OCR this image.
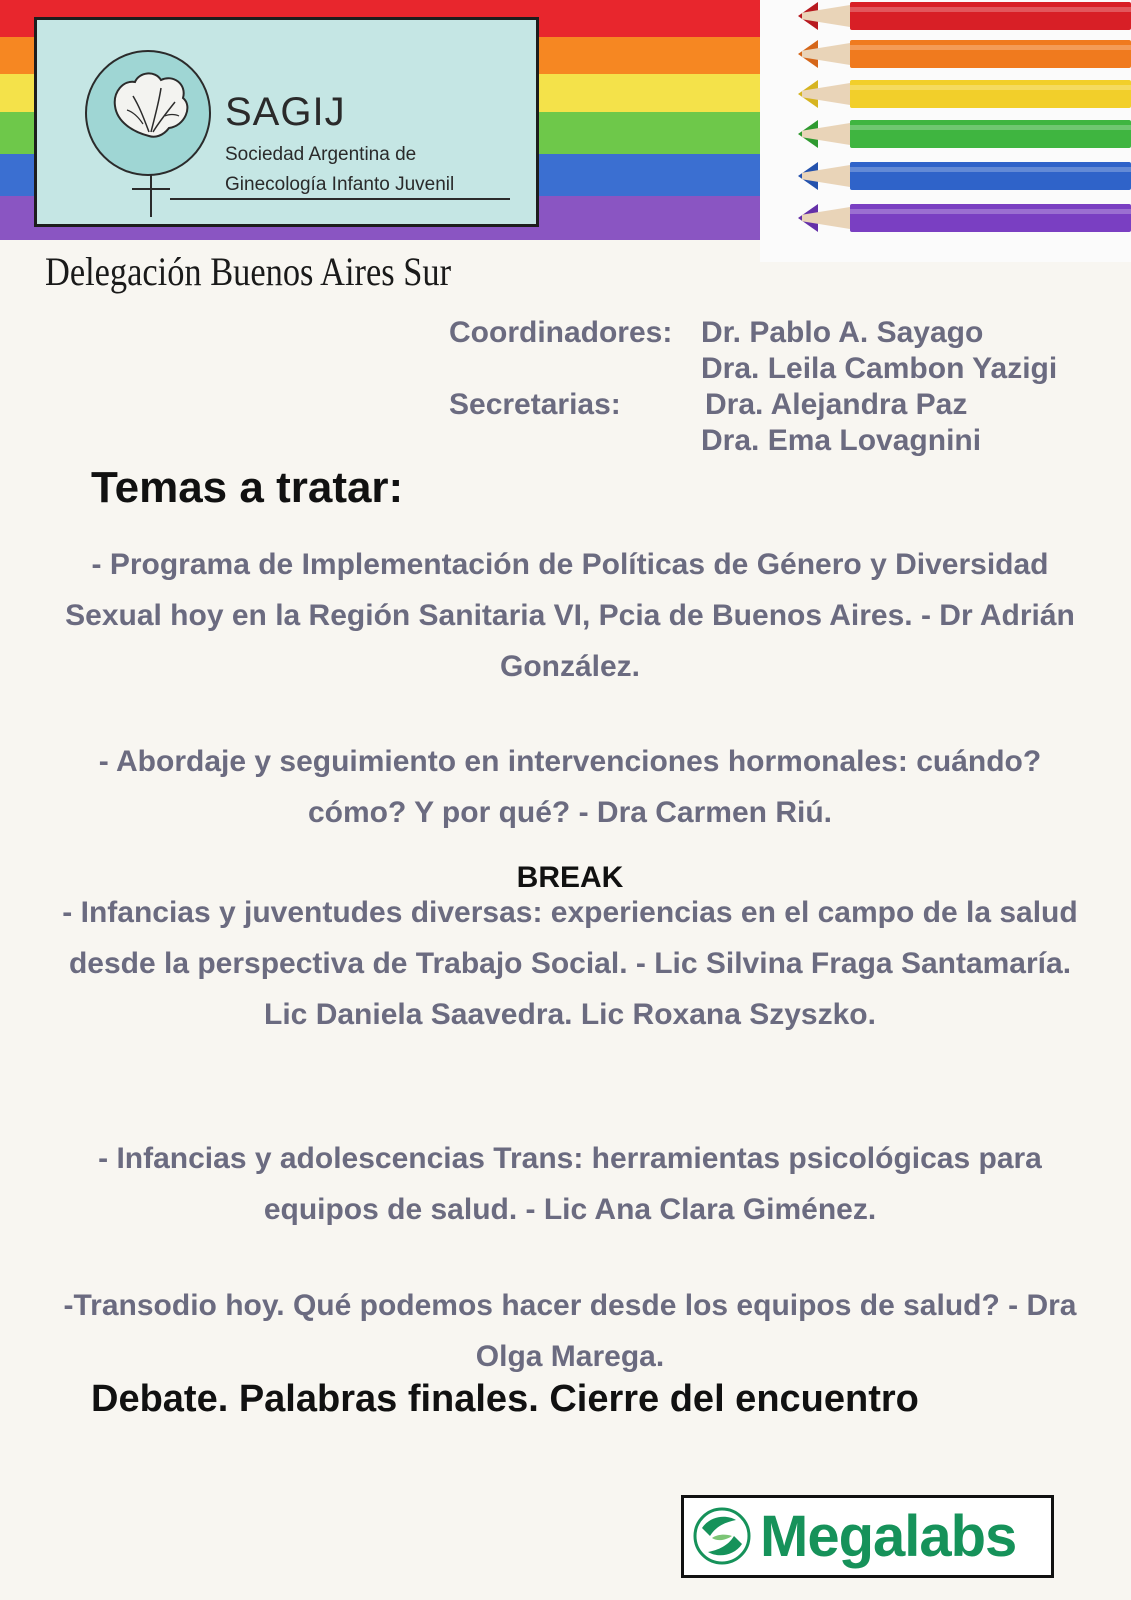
SAGIJ
Sociedad Argentina de
Ginecología Infanto Juvenil
Delegación Buenos Aires Sur
Coordinadores: Dr. Pablo A. Sayago
Dra. Leila Cambon Yazigi
Secretarias:	Dra. Alejandra Paz
Dra. Ema Lovagnini
Temas a tratar:
- Programa de Implementación de Políticas de Género y Diversidad Sexual hoy en la Región Sanitaria VI, Pcia de Buenos Aires. - Dr Adrián González.
- Abordaje y seguimiento en intervenciones hormonales: cuándo? cómo? Y por qué? - Dra Carmen Riú.
BREAK
- Infancias y juventudes diversas: experiencias en el campo de la salud desde la perspectiva de Trabajo Social. - Lic Silvina Fraga Santamaría. Lic Daniela Saavedra. Lic Roxana Szyszko.
- Infancias y adolescencias Trans: herramientas psicológicas para equipos de salud. - Lic Ana Clara Giménez.
-Transodio hoy. Qué podemos hacer desde los equipos de salud? - Dra Olga Marega.
Debate. Palabras finales. Cierre del encuentro
Megalabs
